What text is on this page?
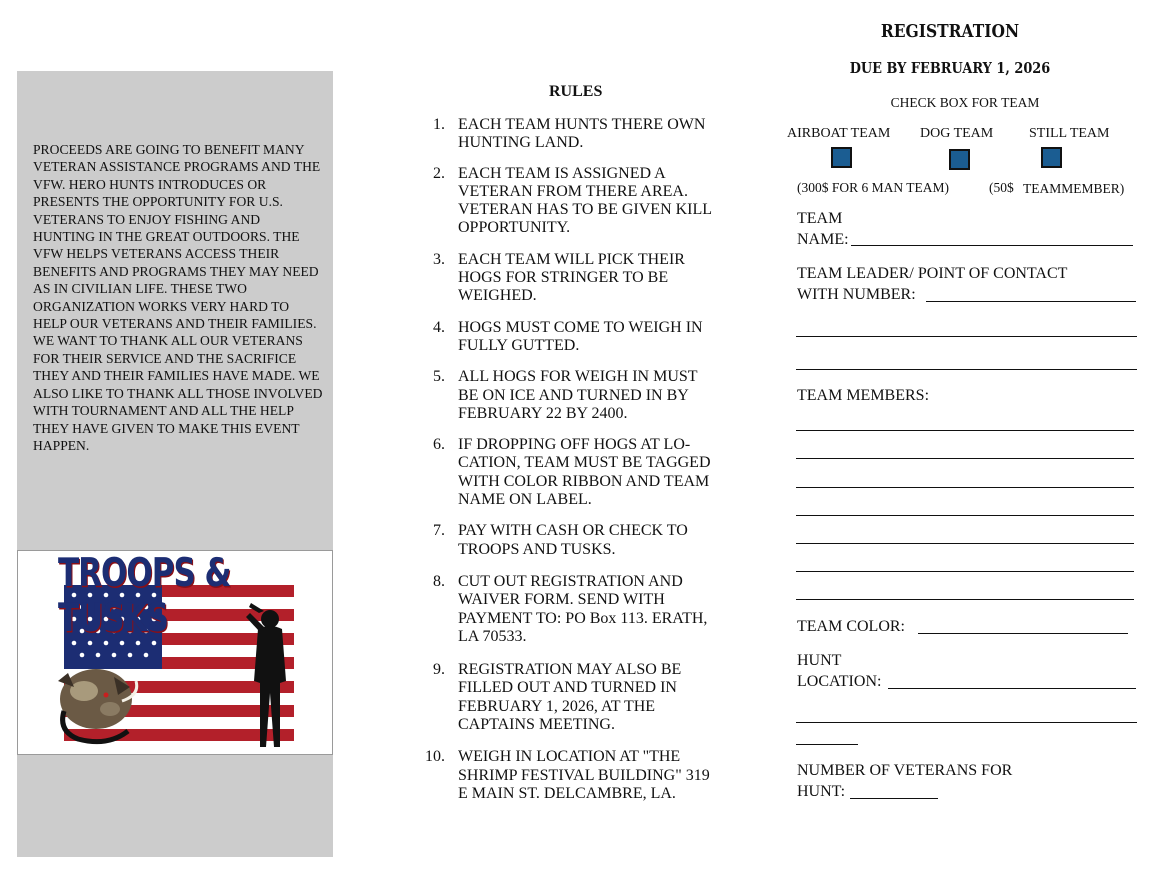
PROCEEDS ARE GOING TO BENEFIT MANY VETERAN ASSISTANCE PROGRAMS AND THE VFW. HERO HUNTS INTRODUCES OR PRESENTS THE OPPORTUNITY FOR U.S. VETERANS TO ENJOY FISHING AND HUNTING IN THE GREAT OUTDOORS. THE VFW HELPS VETERANS ACCESS THEIR BENEFITS AND PROGRAMS THEY MAY NEED AS IN CIVILIAN LIFE. THESE TWO ORGANIZATION WORKS VERY HARD TO HELP OUR VETERANS AND THEIR FAMILIES. WE WANT TO THANK ALL OUR VETERANS FOR THEIR SERVICE AND THE SACRIFICE THEY AND THEIR FAMILIES HAVE MADE. WE ALSO LIKE TO THANK ALL THOSE INVOLVED WITH TOURNAMENT AND ALL THE HELP THEY HAVE GIVEN TO MAKE THIS EVENT HAPPEN.

TROOPS & TUSKS
RULES
1. EACH TEAM HUNTS THERE OWN HUNTING LAND.
2. EACH TEAM IS ASSIGNED A VETERAN FROM THERE AREA. VETERAN HAS TO BE GIVEN KILL OPPORTUNITY.
3. EACH TEAM WILL PICK THEIR HOGS FOR STRINGER TO BE WEIGHED.
4. HOGS MUST COME TO WEIGH IN FULLY GUTTED.
5. ALL HOGS FOR WEIGH IN MUST BE ON ICE AND TURNED IN BY FEBRUARY 22 BY 2400.
6. IF DROPPING OFF HOGS AT LO-CATION, TEAM MUST BE TAGGED WITH COLOR RIBBON AND TEAM NAME ON LABEL.
7. PAY WITH CASH OR CHECK TO TROOPS AND TUSKS.
8. CUT OUT REGISTRATION AND WAIVER FORM. SEND WITH PAYMENT TO: PO Box 113. ERATH, LA 70533.
9. REGISTRATION MAY ALSO BE FILLED OUT AND TURNED IN FEBRUARY 1, 2026, AT THE CAPTAINS MEETING.
10. WEIGH IN LOCATION AT "THE SHRIMP FESTIVAL BUILDING" 319 E MAIN ST. DELCAMBRE, LA.
REGISTRATION
DUE BY FEBRUARY 1, 2026
CHECK BOX FOR TEAM
AIRBOAT TEAM DOG TEAM	STILL TEAM
(300$ FOR 6 MAN TEAM)	(50$ TEAMMEMBER)
TEAM
NAME:
TEAM LEADER/ POINT OF CONTACT
WITH NUMBER:
TEAM MEMBERS:
TEAM COLOR:
HUNT
LOCATION:
NUMBER OF VETERANS FOR
HUNT:
